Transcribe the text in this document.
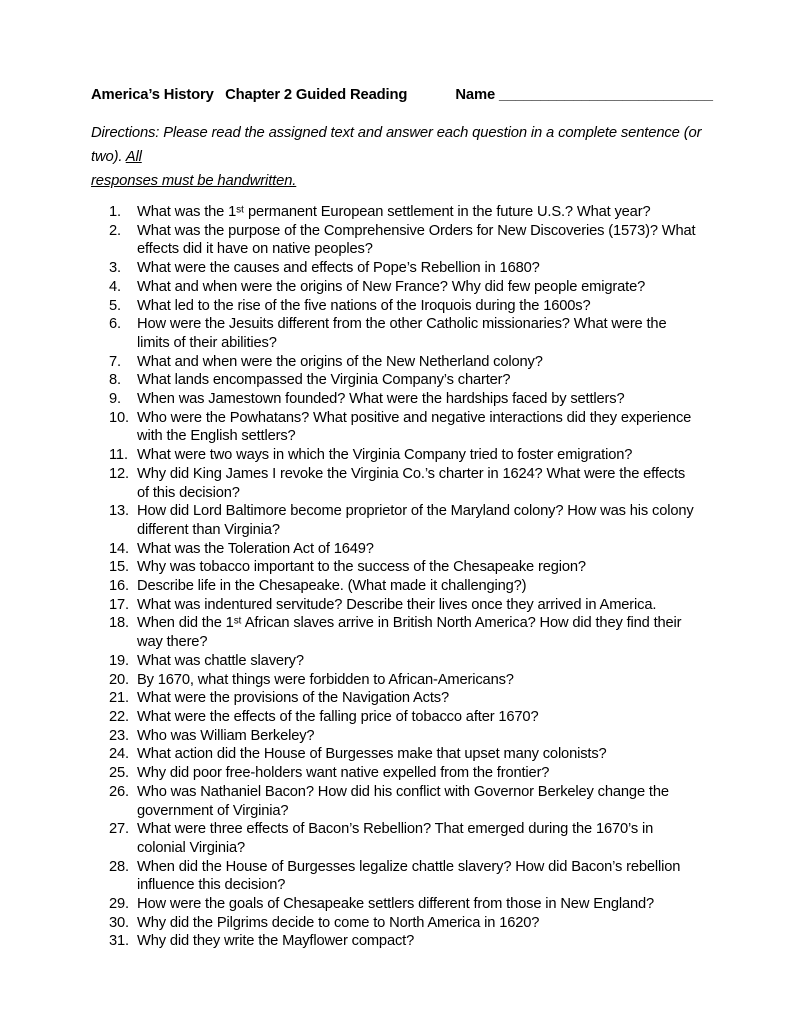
America’s History Chapter 2 Guided Reading	Name __________________________

Directions: Please read the assigned text and answer each question in a complete sentence (or two). All
responses must be handwritten.

1.	What was the 1ˢᵗ permanent European settlement in the future U.S.? What year?
2.	What was the purpose of the Comprehensive Orders for New Discoveries (1573)? What effects did it have on native peoples?
3.	What were the causes and effects of Pope’s Rebellion in 1680?
4.	What and when were the origins of New France? Why did few people emigrate?
5.	What led to the rise of the five nations of the Iroquois during the 1600s?
6.	How were the Jesuits different from the other Catholic missionaries? What were the limits of their abilities?
7.	What and when were the origins of the New Netherland colony?
8.	What lands encompassed the Virginia Company’s charter?
9.	When was Jamestown founded? What were the hardships faced by settlers?
10. Who were the Powhatans? What positive and negative interactions did they experience with the English settlers?
11. What were two ways in which the Virginia Company tried to foster emigration?
12. Why did King James I revoke the Virginia Co.’s charter in 1624? What were the effects of this decision?
13. How did Lord Baltimore become proprietor of the Maryland colony? How was his colony different than Virginia?
14. What was the Toleration Act of 1649?
15. Why was tobacco important to the success of the Chesapeake region?
16. Describe life in the Chesapeake. (What made it challenging?)
17. What was indentured servitude? Describe their lives once they arrived in America.
18. When did the 1ˢᵗ African slaves arrive in British North America? How did they find their way there?
19. What was chattle slavery?
20. By 1670, what things were forbidden to African-Americans?
21. What were the provisions of the Navigation Acts?
22. What were the effects of the falling price of tobacco after 1670?
23. Who was William Berkeley?
24. What action did the House of Burgesses make that upset many colonists?
25. Why did poor free-holders want native expelled from the frontier?
26. Who was Nathaniel Bacon? How did his conflict with Governor Berkeley change the government of Virginia?
27. What were three effects of Bacon’s Rebellion? That emerged during the 1670’s in colonial Virginia?
28. When did the House of Burgesses legalize chattle slavery? How did Bacon’s rebellion influence this decision?
29. How were the goals of Chesapeake settlers different from those in New England?
30. Why did the Pilgrims decide to come to North America in 1620?
31. Why did they write the Mayflower compact?
